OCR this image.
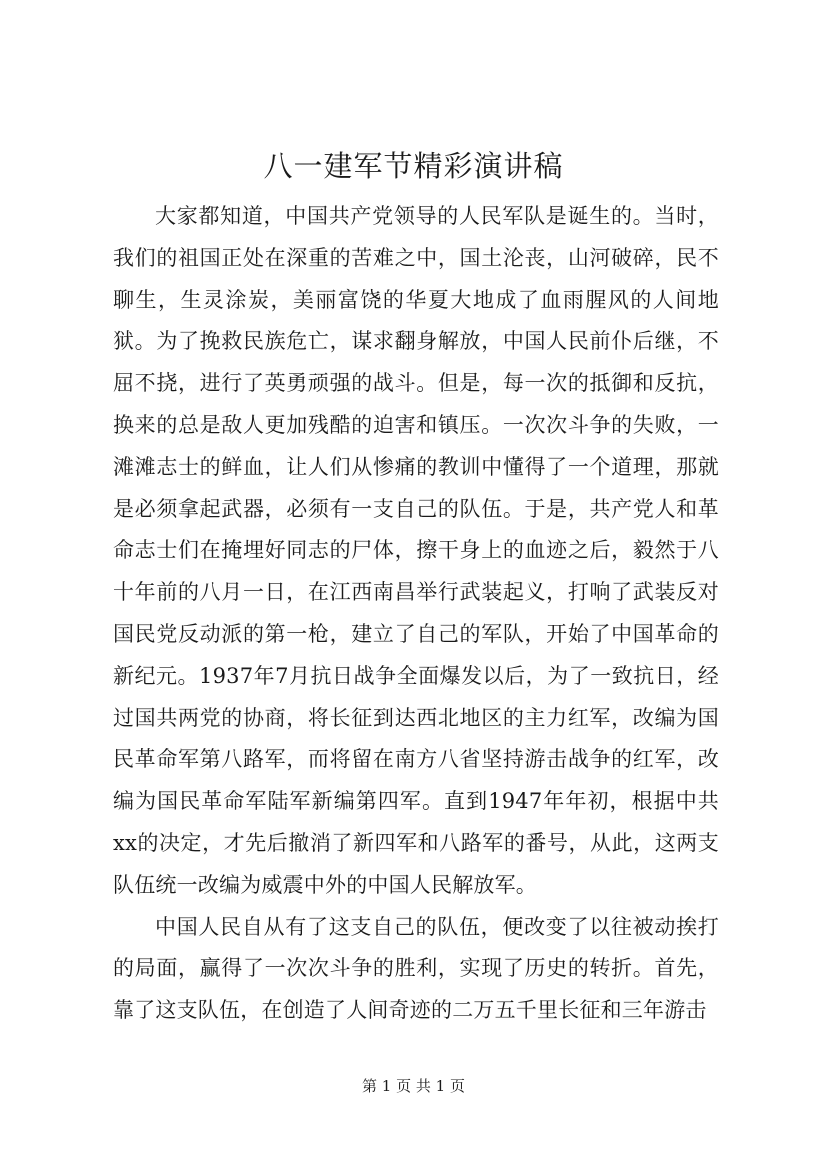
八一建军节精彩演讲稿

大家都知道，中国共产党领导的人民军队是诞生的。当时，我们的祖国正处在深重的苦难之中，国土沦丧，山河破碎，民不聊生，生灵涂炭，美丽富饶的华夏大地成了血雨腥风的人间地狱。为了挽救民族危亡，谋求翻身解放，中国人民前仆后继，不屈不挠，进行了英勇顽强的战斗。但是，每一次的抵御和反抗，换来的总是敌人更加残酷的迫害和镇压。一次次斗争的失败，一滩滩志士的鲜血，让人们从惨痛的教训中懂得了一个道理，那就是必须拿起武器，必须有一支自己的队伍。于是，共产党人和革命志士们在掩埋好同志的尸体，擦干身上的血迹之后，毅然于八十年前的八月一日，在江西南昌举行武装起义，打响了武装反对国民党反动派的第一枪，建立了自己的军队，开始了中国革命的新纪元。1937年7月抗日战争全面爆发以后，为了一致抗日，经过国共两党的协商，将长征到达西北地区的主力红军，改编为国民革命军第八路军，而将留在南方八省坚持游击战争的红军，改编为国民革命军陆军新编第四军。直到1947年年初，根据中共xx的决定，才先后撤消了新四军和八路军的番号，从此，这两支队伍统一改编为威震中外的中国人民解放军。

中国人民自从有了这支自己的队伍，便改变了以往被动挨打的局面，赢得了一次次斗争的胜利，实现了历史的转折。首先，靠了这支队伍，在创造了人间奇迹的二万五千里长征和三年游击

第 1 页 共 1 页
